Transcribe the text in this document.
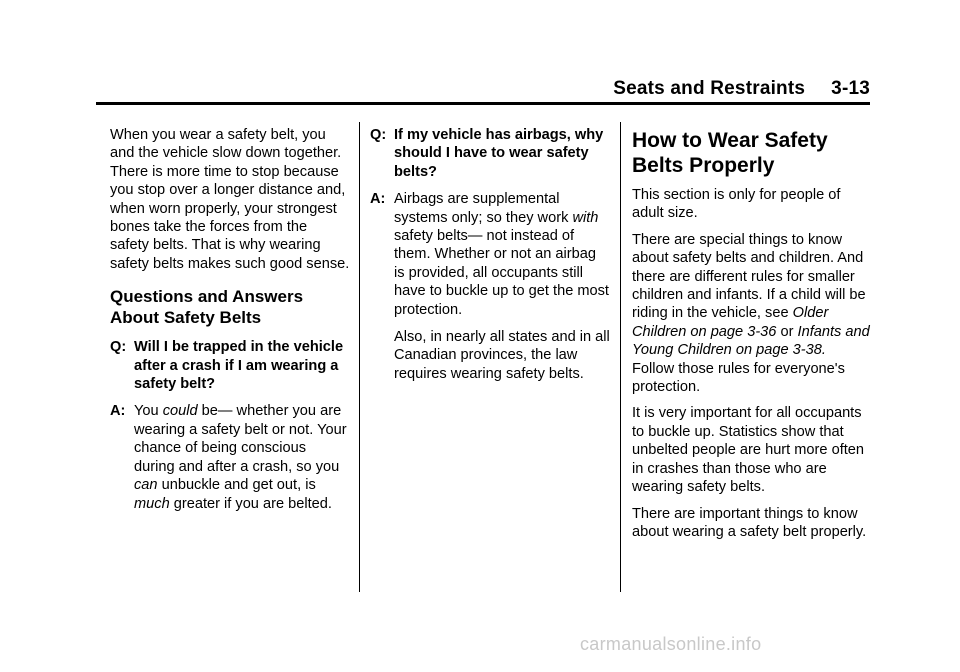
Seats and Restraints 3-13

When you wear a safety belt, you and the vehicle slow down together. There is more time to stop because you stop over a longer distance and, when worn properly, your strongest bones take the forces from the safety belts. That is why wearing safety belts makes such good sense.

Questions and Answers About Safety Belts
Q: Will I be trapped in the vehicle after a crash if I am wearing a safety belt?
A: You could be— whether you are wearing a safety belt or not. Your chance of being conscious during and after a crash, so you can unbuckle and get out, is much greater if you are belted.
Q: If my vehicle has airbags, why should I have to wear safety belts?
A: Airbags are supplemental systems only; so they work with safety belts— not instead of them. Whether or not an airbag is provided, all occupants still have to buckle up to get the most protection.

Also, in nearly all states and in all Canadian provinces, the law requires wearing safety belts.

How to Wear Safety Belts Properly

This section is only for people of adult size.

There are special things to know about safety belts and children. And there are different rules for smaller children and infants. If a child will be riding in the vehicle, see Older Children on page 3-36 or Infants and Young Children on page 3-38. Follow those rules for everyone's protection.

It is very important for all occupants to buckle up. Statistics show that unbelted people are hurt more often in crashes than those who are wearing safety belts.

There are important things to know about wearing a safety belt properly.

carmanualsonline.info
